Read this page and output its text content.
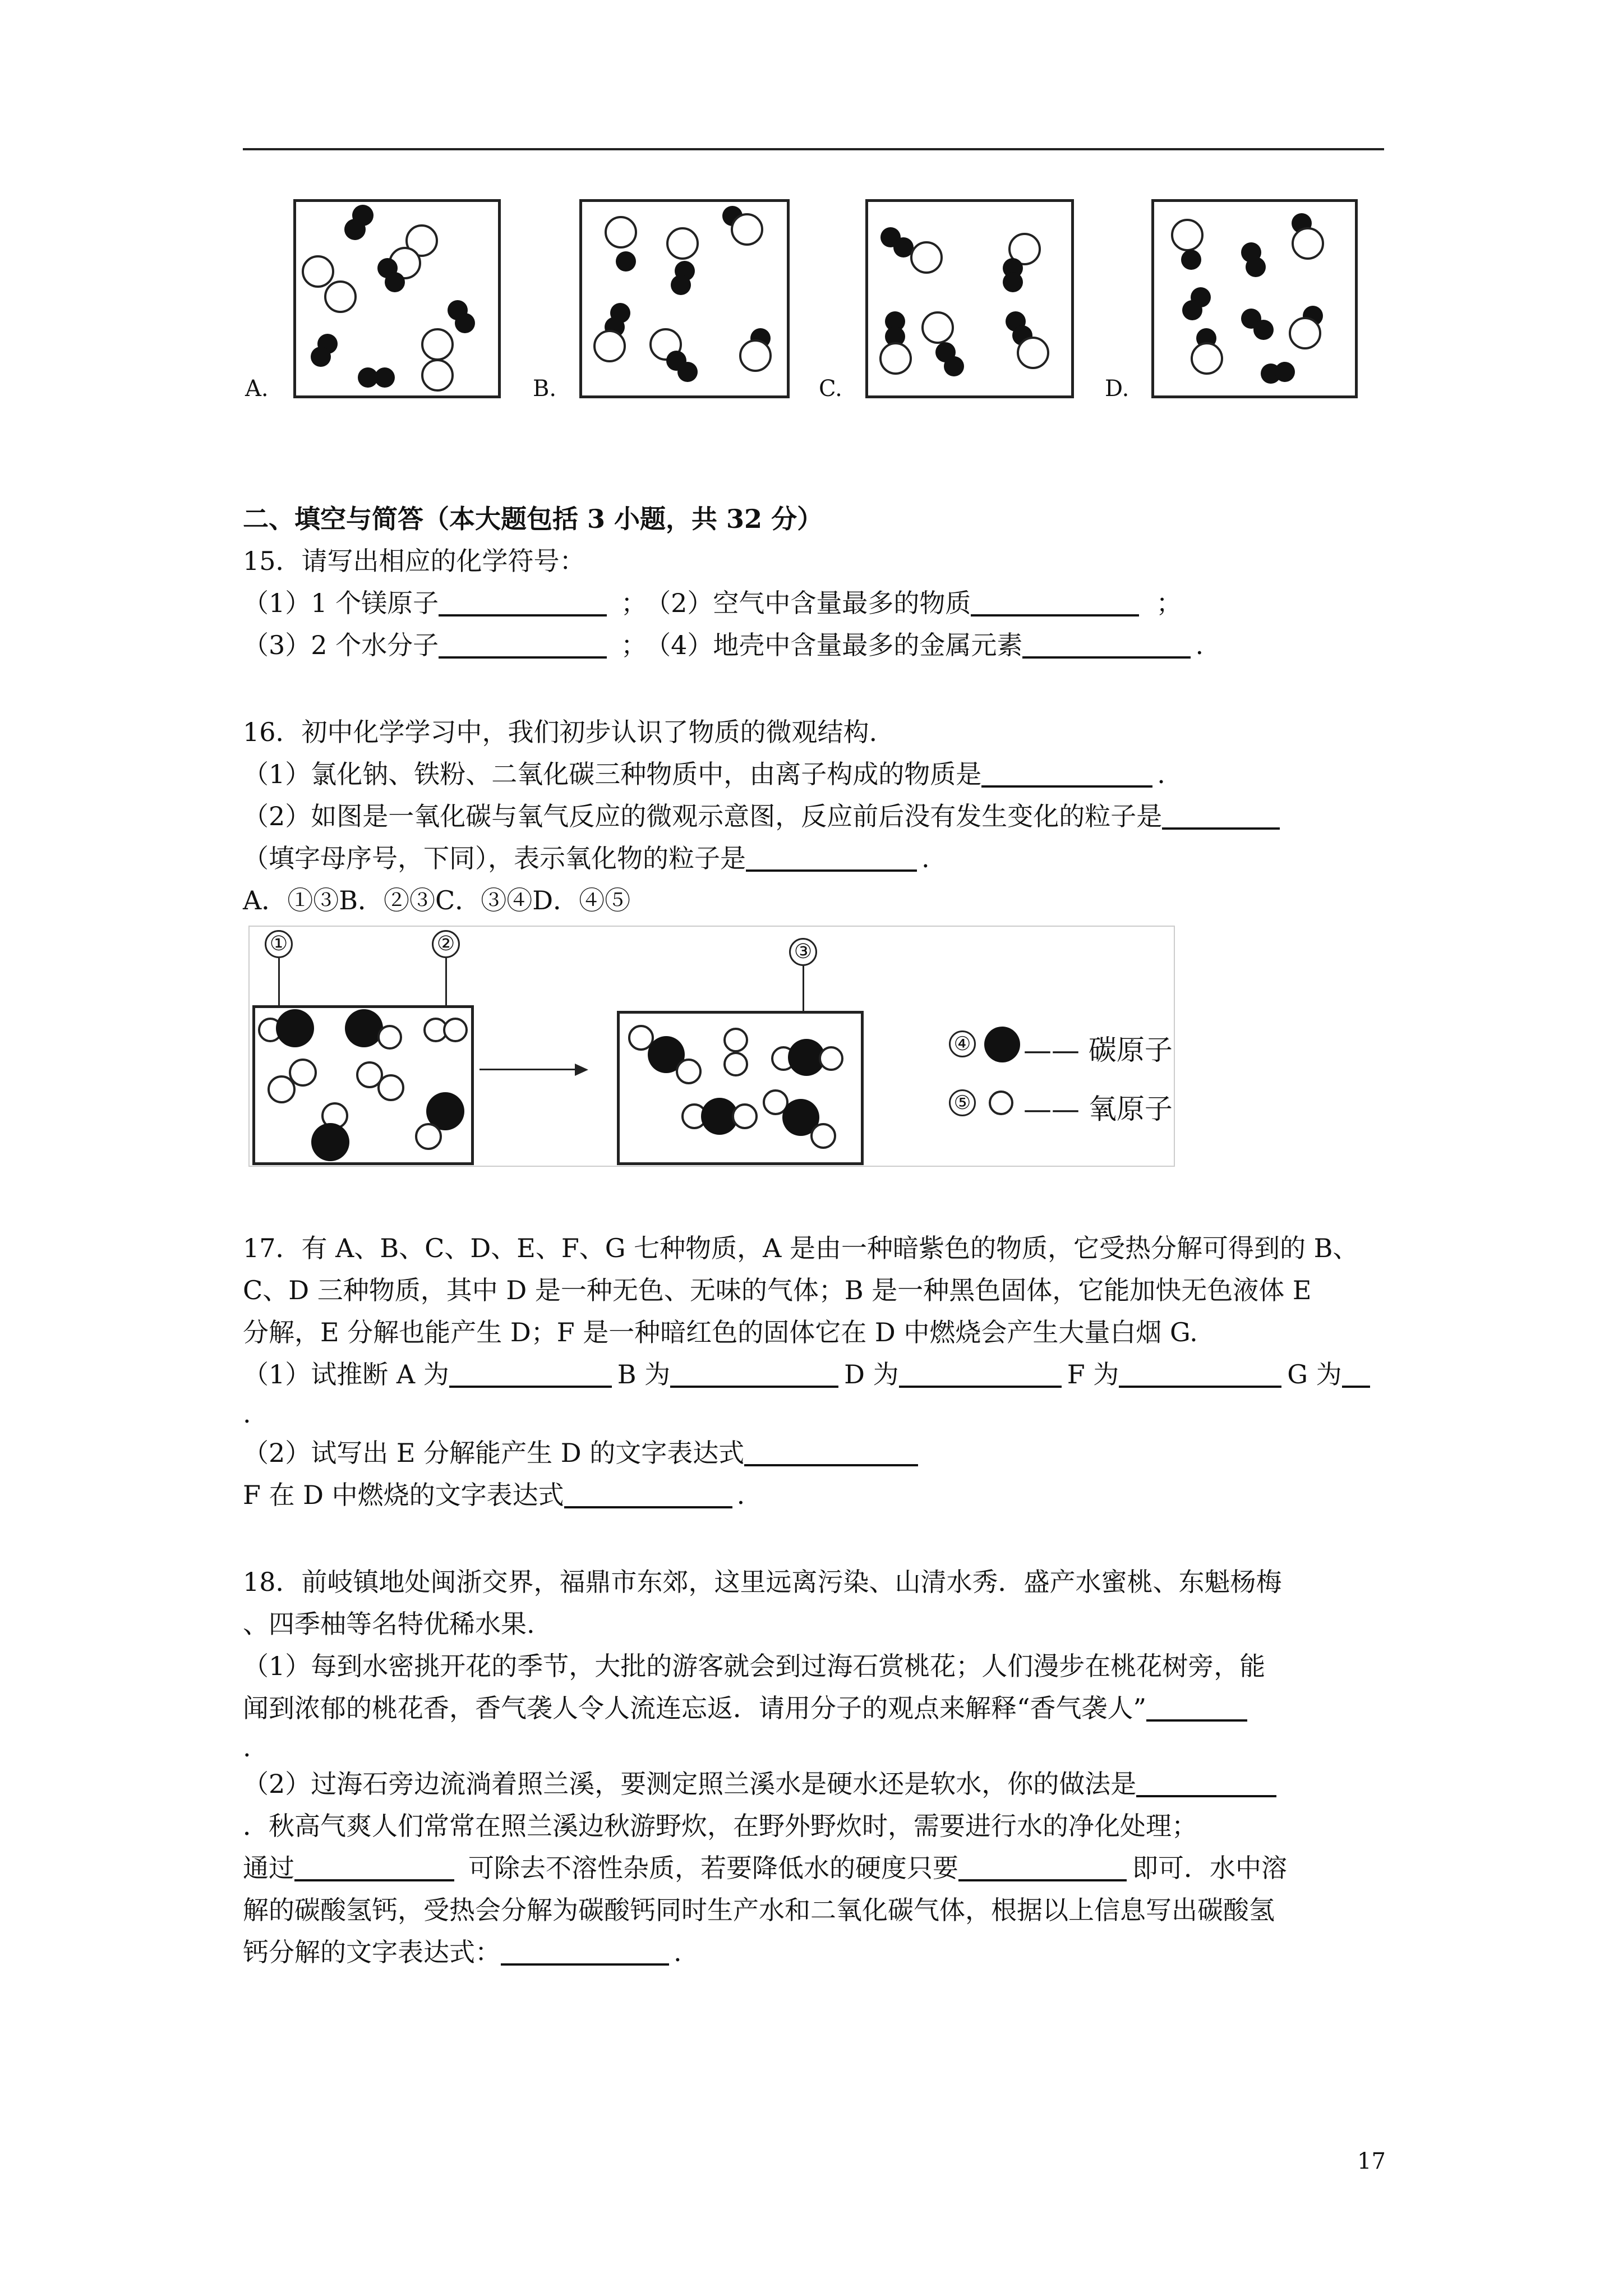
A.	B.	C.	D.
二、填空与简答（本大题包括 3 小题，共 32 分）
15．请写出相应的化学符号：
（1）1 个镁原子	； （2）空气中含量最多的物质	；
（3）2 个水分子	； （4）地壳中含量最多的金属元素	.
16．初中化学学习中，我们初步认识了物质的微观结构.
（1）氯化钠、铁粉、二氧化碳三种物质中，由离子构成的物质是	.
（2）如图是一氧化碳与氧气反应的微观示意图，反应前后没有发生变化的粒子是
（填字母序号，下同），表示氧化物的粒子是	.
A．①③B．②③C．③④D．④⑤
①	②	③
④ —— 碳原子
⑤ —— 氧原子
17．有 A、B、C、D、E、F、G 七种物质，A 是由一种暗紫色的物质，它受热分解可得到的 B、
C、D 三种物质，其中 D 是一种无色、无味的气体；B 是一种黑色固体，它能加快无色液体 E
分解，E 分解也能产生 D；F 是一种暗红色的固体它在 D 中燃烧会产生大量白烟 G.
（1）试推断 A 为	B 为	D 为	F 为	G 为
.
（2）试写出 E 分解能产生 D 的文字表达式
F 在 D 中燃烧的文字表达式	.
18．前岐镇地处闽浙交界，福鼎市东郊，这里远离污染、山清水秀．盛产水蜜桃、东魁杨梅
、四季柚等名特优稀水果.
（1）每到水密挑开花的季节，大批的游客就会到过海石赏桃花；人们漫步在桃花树旁，能
闻到浓郁的桃花香，香气袭人令人流连忘返．请用分子的观点来解释“香气袭人”
.
（2）过海石旁边流淌着照兰溪，要测定照兰溪水是硬水还是软水，你的做法是
．秋高气爽人们常常在照兰溪边秋游野炊，在野外野炊时，需要进行水的净化处理；
通过	可除去不溶性杂质，若要降低水的硬度只要	即可．水中溶
解的碳酸氢钙，受热会分解为碳酸钙同时生产水和二氧化碳气体，根据以上信息写出碳酸氢
钙分解的文字表达式：	.
17
